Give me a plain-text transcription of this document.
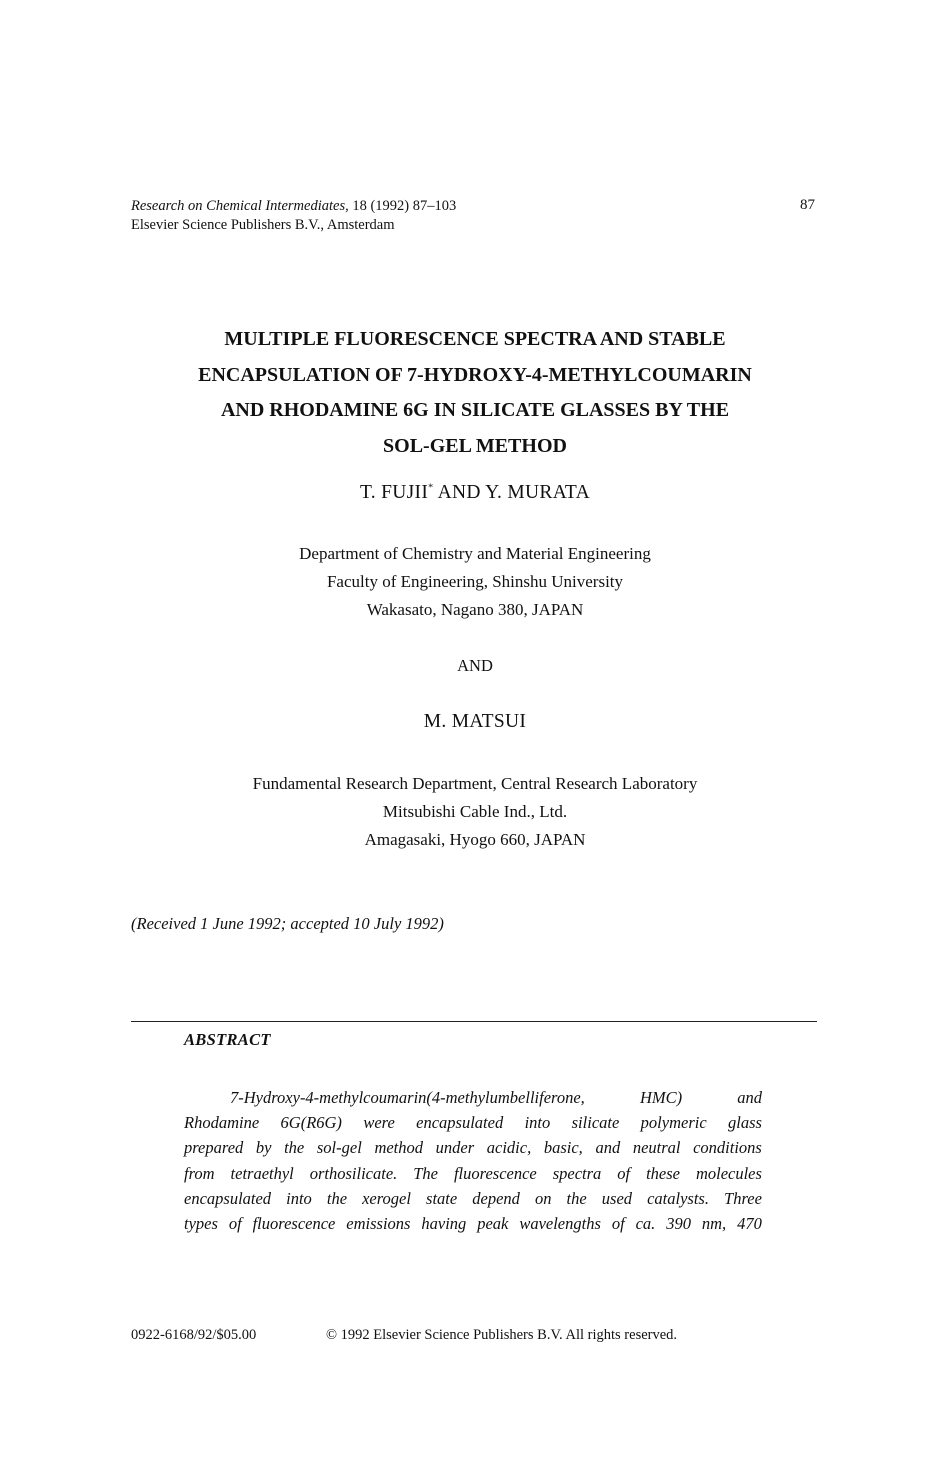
Research on Chemical Intermediates, 18 (1992) 87–103
Elsevier Science Publishers B.V., Amsterdam
87
MULTIPLE FLUORESCENCE SPECTRA AND STABLE
ENCAPSULATION OF 7-HYDROXY-4-METHYLCOUMARIN
AND RHODAMINE 6G IN SILICATE GLASSES BY THE
SOL-GEL METHOD
T. FUJII* AND Y. MURATA
Department of Chemistry and Material Engineering
Faculty of Engineering, Shinshu University
Wakasato, Nagano 380, JAPAN
AND
M. MATSUI
Fundamental Research Department, Central Research Laboratory
Mitsubishi Cable Ind., Ltd.
Amagasaki, Hyogo 660, JAPAN
(Received 1 June 1992; accepted 10 July 1992)
ABSTRACT
7-Hydroxy-4-methylcoumarin(4-methylumbelliferone,	HMC)	and
Rhodamine 6G(R6G) were encapsulated into silicate polymeric glass
prepared by the sol-gel method under acidic, basic, and neutral conditions
from tetraethyl orthosilicate. The fluorescence spectra of these molecules
encapsulated into the xerogel state depend on the used catalysts. Three
types of fluorescence emissions having peak wavelengths of ca. 390 nm, 470
0922-6168/92/$05.00	© 1992 Elsevier Science Publishers B.V. All rights reserved.
